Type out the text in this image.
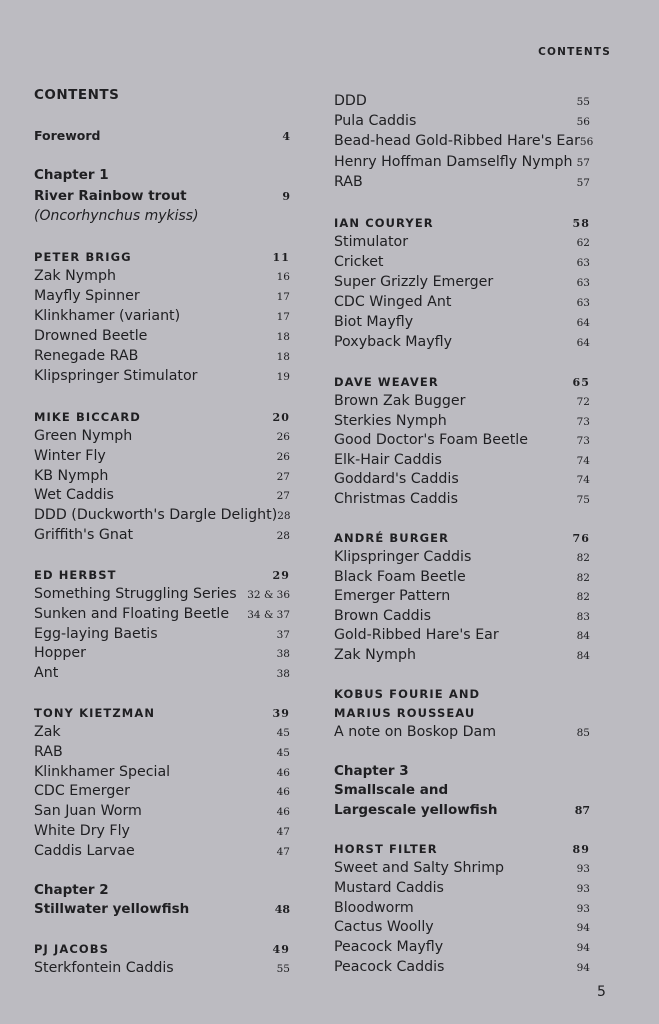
CONTENTS
5
CONTENTS
Foreword	4
Chapter 1
River Rainbow trout	9
(Oncorhynchus mykiss)
PETER BRIGG	11
Zak Nymph	16
Mayfly Spinner	17
Klinkhamer (variant)	17
Drowned Beetle	18
Renegade RAB	18
Klipspringer Stimulator	19
MIKE BICCARD	20
Green Nymph	26
Winter Fly	26
KB Nymph	27
Wet Caddis	27
DDD (Duckworth's Dargle Delight) 28
Griffith's Gnat	28
ED HERBST	29
Something Struggling Series 32 & 36
Sunken and Floating Beetle 34 & 37
Egg-laying Baetis	37
Hopper	38
Ant	38
TONY KIETZMAN	39
Zak	45
RAB	45
Klinkhamer Special	46
CDC Emerger	46
San Juan Worm	46
White Dry Fly	47
Caddis Larvae	47
Chapter 2
Stillwater yellowfish	48
PJ JACOBS	49
Sterkfontein Caddis	55
DDD	55
Pula Caddis	56
Bead-head Gold-Ribbed Hare's Ear 56
Henry Hoffman Damselfly Nymph 57
RAB	57
IAN COURYER	58
Stimulator	62
Cricket	63
Super Grizzly Emerger	63
CDC Winged Ant	63
Biot Mayfly	64
Poxyback Mayfly	64
DAVE WEAVER	65
Brown Zak Bugger	72
Sterkies Nymph	73
Good Doctor's Foam Beetle	73
Elk-Hair Caddis	74
Goddard's Caddis	74
Christmas Caddis	75
ANDRÉ BURGER	76
Klipspringer Caddis	82
Black Foam Beetle	82
Emerger Pattern	82
Brown Caddis	83
Gold-Ribbed Hare's Ear	84
Zak Nymph	84
KOBUS FOURIE AND
MARIUS ROUSSEAU
A note on Boskop Dam	85
Chapter 3
Smallscale and
Largescale yellowfish	87
HORST FILTER	89
Sweet and Salty Shrimp	93
Mustard Caddis	93
Bloodworm	93
Cactus Woolly	94
Peacock Mayfly	94
Peacock Caddis	94
